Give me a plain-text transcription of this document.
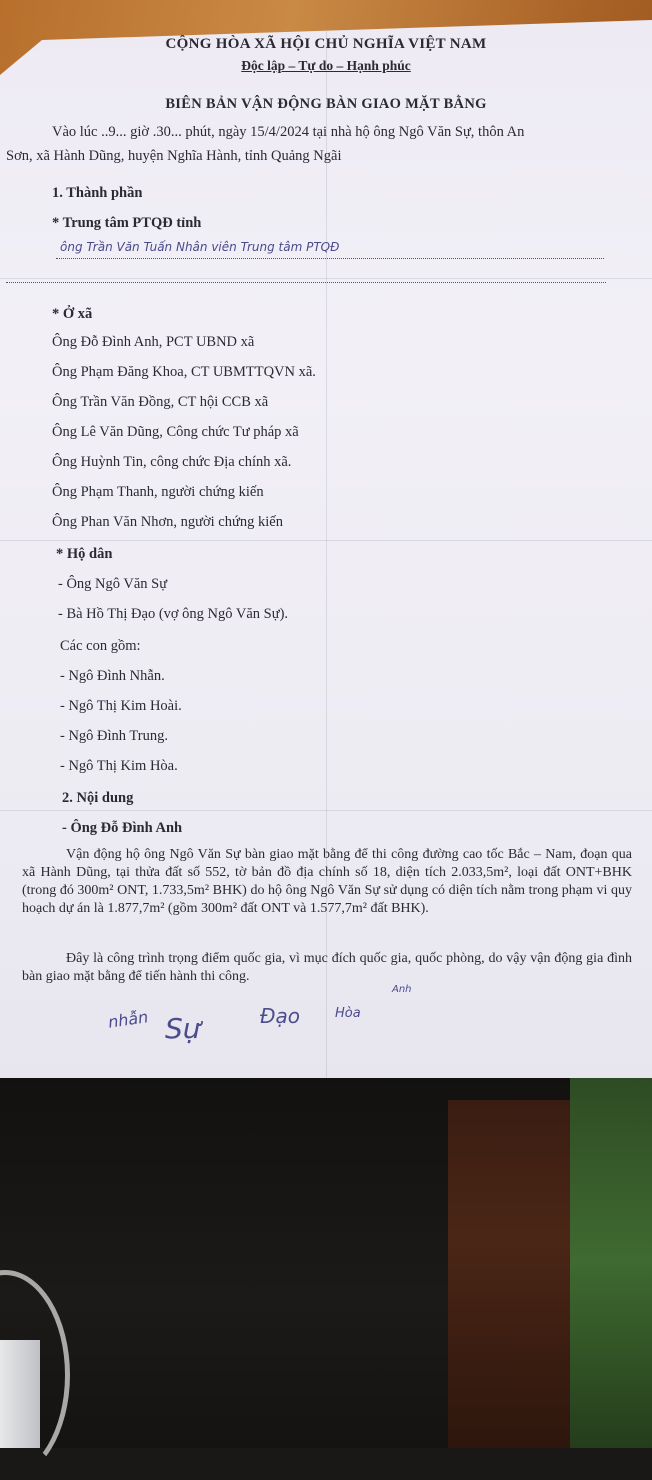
CỘNG HÒA XÃ HỘI CHỦ NGHĨA VIỆT NAM
Độc lập – Tự do – Hạnh phúc
BIÊN BẢN VẬN ĐỘNG BÀN GIAO MẶT BẰNG
Vào lúc ..9... giờ .30... phút, ngày 15/4/2024 tại nhà hộ ông Ngô Văn Sự, thôn An
Sơn, xã Hành Dũng, huyện Nghĩa Hành, tỉnh Quảng Ngãi
1. Thành phần
* Trung tâm PTQĐ tỉnh
ông Trần Văn Tuấn Nhân viên Trung tâm PTQĐ
* Ở xã
Ông Đỗ Đình Anh, PCT UBND xã
Ông Phạm Đăng Khoa, CT UBMTTQVN xã.
Ông Trần Văn Đồng, CT hội CCB xã
Ông Lê Văn Dũng, Công chức Tư pháp xã
Ông Huỳnh Tin, công chức Địa chính xã.
Ông Phạm Thanh, người chứng kiến
Ông Phan Văn Nhơn, người chứng kiến
* Hộ dân
- Ông Ngô Văn Sự
- Bà Hồ Thị Đạo (vợ ông Ngô Văn Sự).
Các con gồm:
- Ngô Đình Nhẫn.
- Ngô Thị Kim Hoài.
- Ngô Đình Trung.
- Ngô Thị Kim Hòa.
2. Nội dung
- Ông Đỗ Đình Anh
Vận động hộ ông Ngô Văn Sự bàn giao mặt bằng để thi công đường cao tốc Bắc – Nam, đoạn qua xã Hành Dũng, tại thửa đất số 552, tờ bản đồ địa chính số 18, diện tích 2.033,5m², loại đất ONT+BHK (trong đó 300m² ONT, 1.733,5m² BHK) do hộ ông Ngô Văn Sự sử dụng có diện tích nằm trong phạm vi quy hoạch dự án là 1.877,7m² (gồm 300m² đất ONT và 1.577,7m² đất BHK).
Đây là công trình trọng điểm quốc gia, vì mục đích quốc gia, quốc phòng, do vậy vận động gia đình bàn giao mặt bằng để tiến hành thi công.
nhẫn Sự	Đạo	Hòa
Anh
